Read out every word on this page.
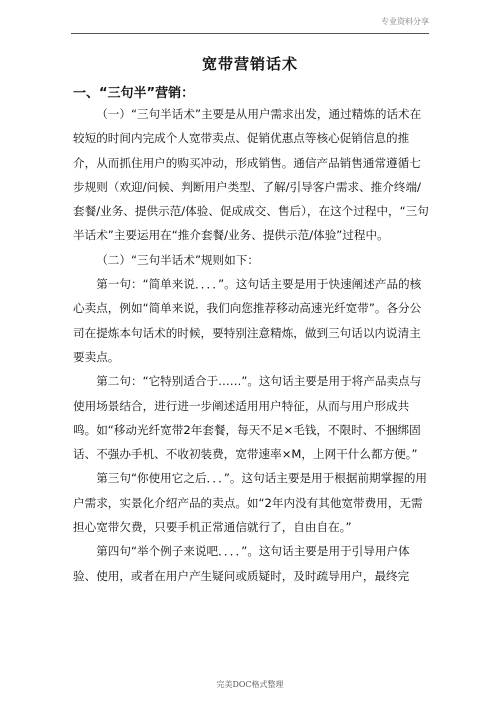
专业资料分享
宽带营销话术
一、“三句半”营销：

（一）“三句半话术”主要是从用户需求出发，通过精炼的话术在较短的时间内完成个人宽带卖点、促销优惠点等核心促销信息的推介，从而抓住用户的购买冲动，形成销售。通信产品销售通常遵循七步规则（欢迎/问候、判断用户类型、了解/引导客户需求、推介终端/套餐/业务、提供示范/体验、促成成交、售后），在这个过程中，“三句半话术”主要运用在“推介套餐/业务、提供示范/体验”过程中。

（二）“三句半话术”规则如下：

第一句：“简单来说．．．．”。这句话主要是用于快速阐述产品的核心卖点，例如“简单来说，我们向您推荐移动高速光纤宽带”。各分公司在提炼本句话术的时候，要特别注意精炼，做到三句话以内说清主要卖点。

第二句：“它特别适合于……”。这句话主要是用于将产品卖点与使用场景结合，进行进一步阐述适用用户特征，从而与用户形成共鸣。如“移动光纤宽带2年套餐，每天不足×毛钱，不限时、不捆绑固话、不强办手机、不收初装费，宽带速率×M，上网干什么都方便。”

第三句“你使用它之后．．．”。这句话主要是用于根据前期掌握的用户需求，实景化介绍产品的卖点。如“2年内没有其他宽带费用，无需担心宽带欠费，只要手机正常通信就行了，自由自在。”

第四句“举个例子来说吧．．．．”。这句话主要是用于引导用户体验、使用，或者在用户产生疑问或质疑时，及时疏导用户，最终完

完美DOC格式整理
